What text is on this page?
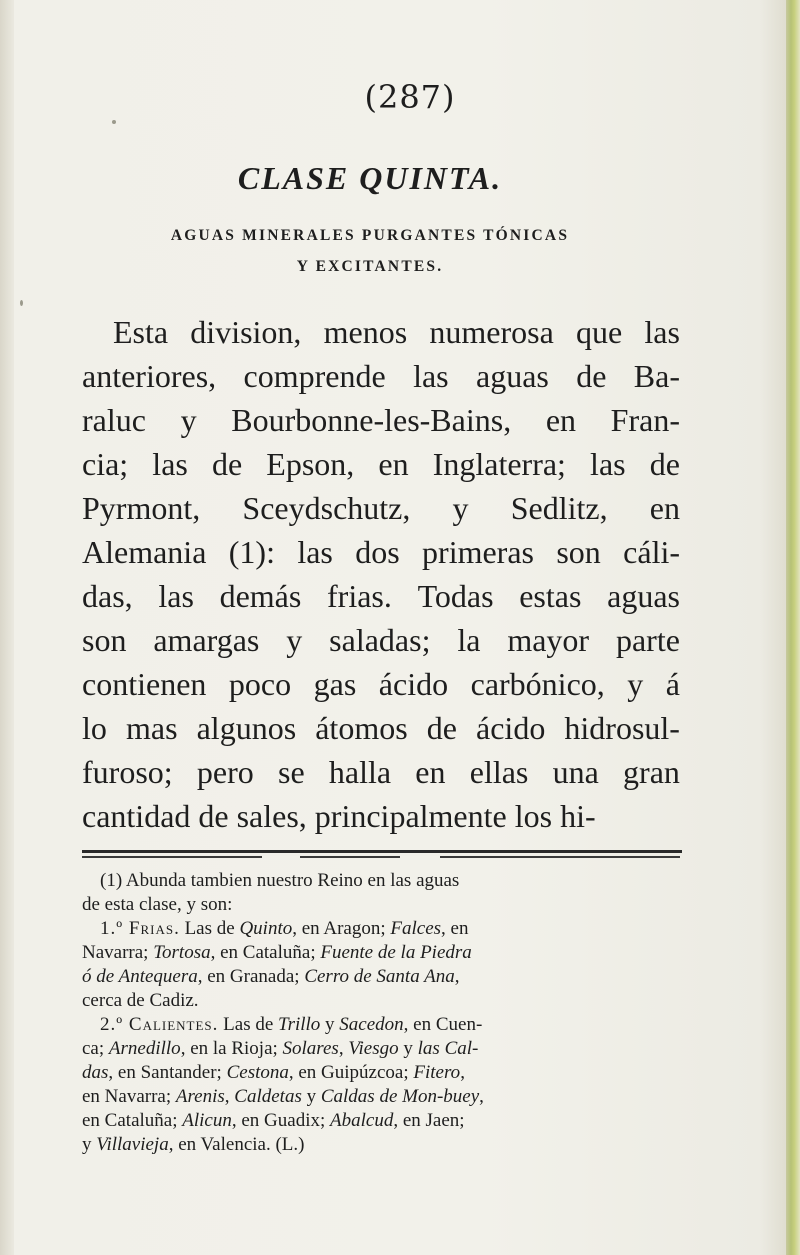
(287)
CLASE QUINTA.
AGUAS MINERALES PURGANTES TÓNICAS
Y EXCITANTES.
Esta division, menos numerosa que las
anteriores, comprende las aguas de Ba-
raluc y Bourbonne-les-Bains, en Fran-
cia; las de Epson, en Inglaterra; las de
Pyrmont, Sceydschutz, y Sedlitz, en
Alemania (1): las dos primeras son cáli-
das, las demás frias. Todas estas aguas
son amargas y saladas; la mayor parte
contienen poco gas ácido carbónico, y á
lo mas algunos átomos de ácido hidrosul-
furoso; pero se halla en ellas una gran
cantidad de sales, principalmente los hi-
(1) Abunda tambien nuestro Reino en las aguas
de esta clase, y son:
1.º Frias. Las de Quinto, en Aragon; Falces, en
Navarra; Tortosa, en Cataluña; Fuente de la Piedra
ó de Antequera, en Granada; Cerro de Santa Ana,
cerca de Cadiz.
2.º Calientes. Las de Trillo y Sacedon, en Cuen-
ca; Arnedillo, en la Rioja; Solares, Viesgo y las Cal-
das, en Santander; Cestona, en Guipúzcoa; Fitero,
en Navarra; Arenis, Caldetas y Caldas de Mon-buey,
en Cataluña; Alicun, en Guadix; Abalcud, en Jaen;
y Villavieja, en Valencia. (L.)
